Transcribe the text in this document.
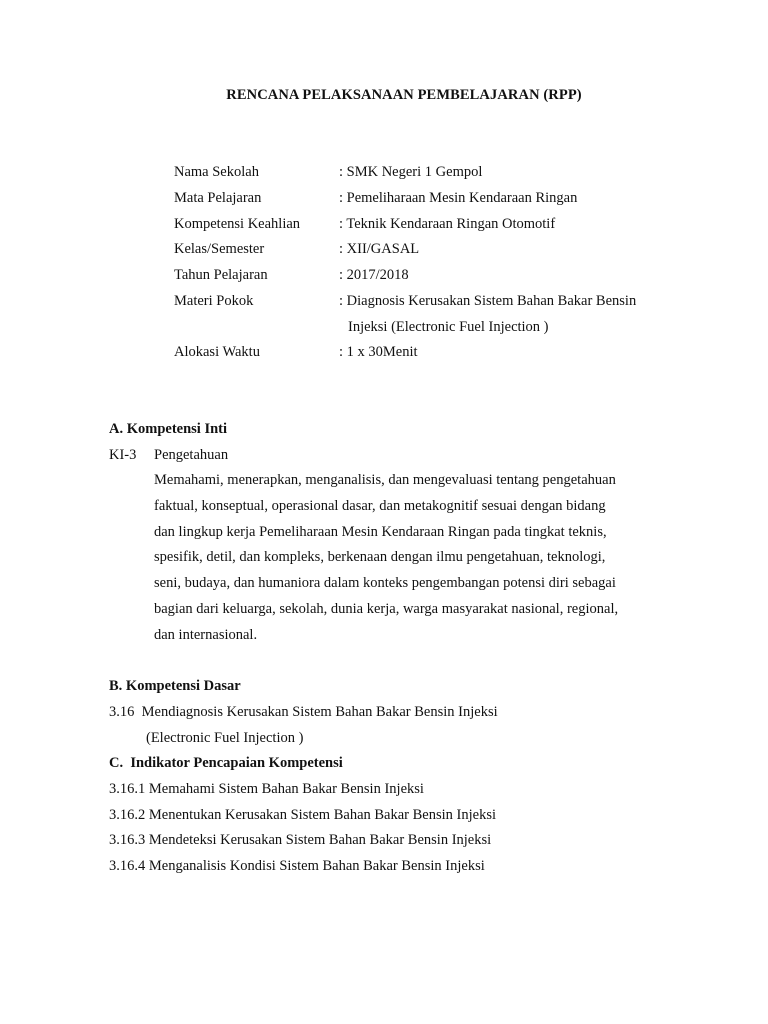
RENCANA PELAKSANAAN PEMBELAJARAN (RPP)
Nama Sekolah	: SMK Negeri 1 Gempol
Mata Pelajaran	: Pemeliharaan Mesin Kendaraan Ringan
Kompetensi Keahlian	: Teknik Kendaraan Ringan Otomotif
Kelas/Semester	: XII/GASAL
Tahun Pelajaran	: 2017/2018
Materi Pokok	: Diagnosis Kerusakan Sistem Bahan Bakar Bensin
Injeksi (Electronic Fuel Injection )
Alokasi Waktu	: 1 x 30Menit
A. Kompetensi Inti
KI-3 Pengetahuan
Memahami, menerapkan, menganalisis, dan mengevaluasi tentang pengetahuan
faktual, konseptual, operasional dasar, dan metakognitif sesuai dengan bidang
dan lingkup kerja Pemeliharaan Mesin Kendaraan Ringan pada tingkat teknis,
spesifik, detil, dan kompleks, berkenaan dengan ilmu pengetahuan, teknologi,
seni, budaya, dan humaniora dalam konteks pengembangan potensi diri sebagai
bagian dari keluarga, sekolah, dunia kerja, warga masyarakat nasional, regional,
dan internasional.
B. Kompetensi Dasar
3.16  Mendiagnosis Kerusakan Sistem Bahan Bakar Bensin Injeksi
(Electronic Fuel Injection )
C.  Indikator Pencapaian Kompetensi
3.16.1 Memahami Sistem Bahan Bakar Bensin Injeksi
3.16.2 Menentukan Kerusakan Sistem Bahan Bakar Bensin Injeksi
3.16.3 Mendeteksi Kerusakan Sistem Bahan Bakar Bensin Injeksi
3.16.4 Menganalisis Kondisi Sistem Bahan Bakar Bensin Injeksi
